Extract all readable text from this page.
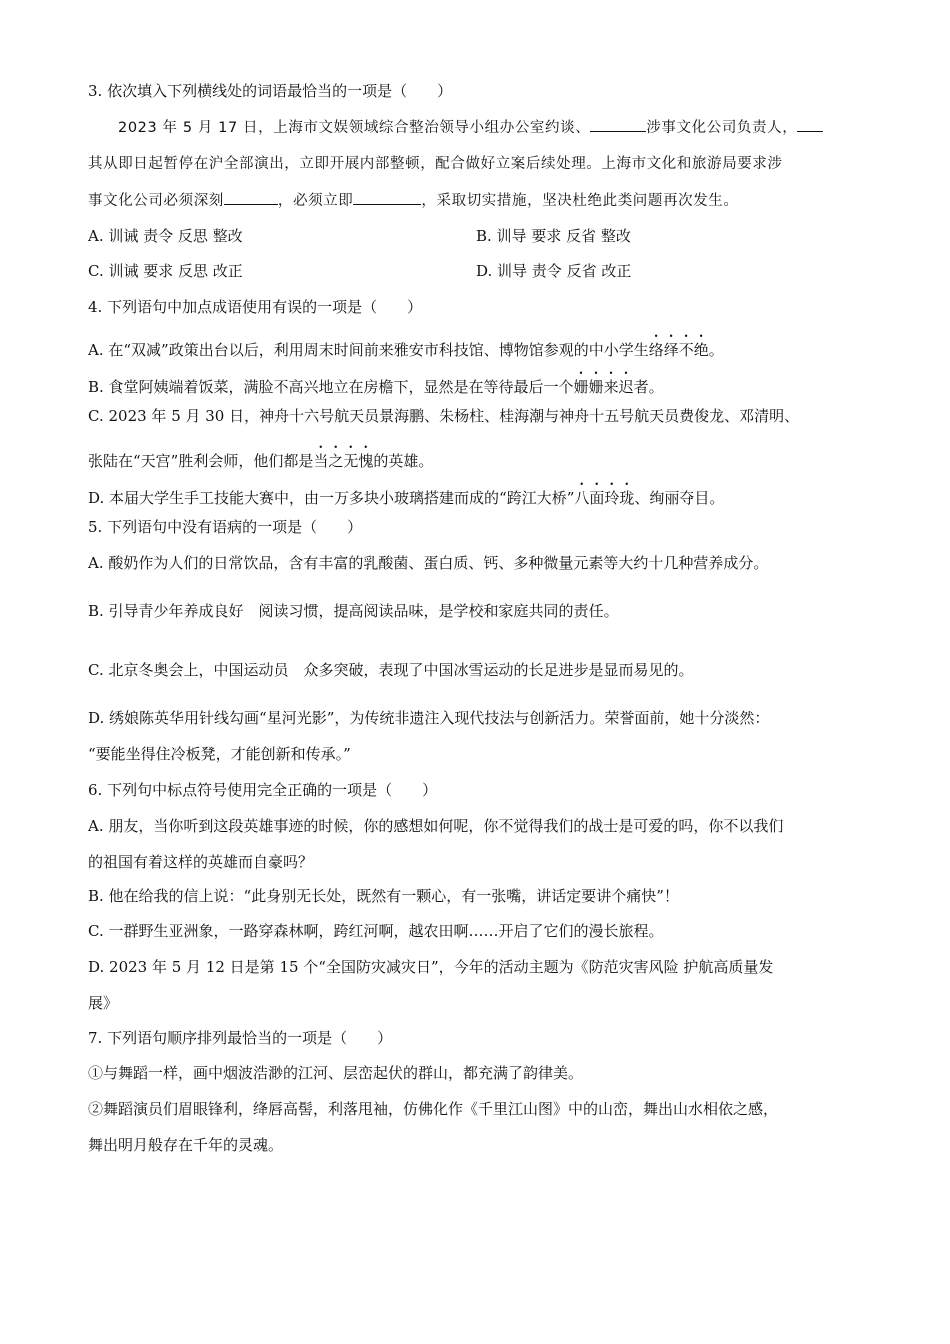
3. 依次填入下列横线处的词语最恰当的一项是（　　）

2023 年 5 月 17 日，上海市文娱领域综合整治领导小组办公室约谈、	涉事文化公司负责人，

其从即日起暂停在沪全部演出，立即开展内部整顿，配合做好立案后续处理。上海市文化和旅游局要求涉

事文化公司必须深刻	，必须立即	，采取切实措施，坚决杜绝此类问题再次发生。

A. 训诫 责令 反思 整改	B. 训导 要求 反省 整改

C. 训诫 要求 反思 改正	D. 训导 责令 反省 改正

4. 下列语句中加点成语使用有误的一项是（　　）

A. 在“双减”政策出台以后，利用周末时间前来雅安市科技馆、博物馆参观的中小学生络绎不绝。

B. 食堂阿姨端着饭菜，满脸不高兴地立在房檐下，显然是在等待最后一个姗姗来迟者。

C. 2023 年 5 月 30 日，神舟十六号航天员景海鹏、朱杨柱、桂海潮与神舟十五号航天员费俊龙、邓清明、

张陆在“天宫”胜利会师，他们都是当之无愧的英雄。

D. 本届大学生手工技能大赛中，由一万多块小玻璃搭建而成的“跨江大桥”八面玲珑、绚丽夺目。

5. 下列语句中没有语病的一项是（　　）

A. 酸奶作为人们的日常饮品，含有丰富的乳酸菌、蛋白质、钙、多种微量元素等大约十几种营养成分。

B. 引导青少年养成良好　阅读习惯，提高阅读品味，是学校和家庭共同的责任。

C. 北京冬奥会上，中国运动员　众多突破，表现了中国冰雪运动的长足进步是显而易见的。

D. 绣娘陈英华用针线勾画“星河光影”，为传统非遗注入现代技法与创新活力。荣誉面前，她十分淡然：

“要能坐得住冷板凳，才能创新和传承。”

6. 下列句中标点符号使用完全正确的一项是（　　）

A. 朋友，当你听到这段英雄事迹的时候，你的感想如何呢，你不觉得我们的战士是可爱的吗，你不以我们

的祖国有着这样的英雄而自豪吗？

B. 他在给我的信上说：“此身别无长处，既然有一颗心，有一张嘴，讲话定要讲个痛快”！

C. 一群野生亚洲象，一路穿森林啊，跨红河啊，越农田啊……开启了它们的漫长旅程。

D. 2023 年 5 月 12 日是第 15 个“全国防灾减灾日”，今年的活动主题为《防范灾害风险 护航高质量发

展》

7. 下列语句顺序排列最恰当的一项是（　　）

①与舞蹈一样，画中烟波浩渺的江河、层峦起伏的群山，都充满了韵律美。

②舞蹈演员们眉眼锋利，绛唇高髻，利落甩袖，仿佛化作《千里江山图》中的山峦，舞出山水相依之感，

舞出明月般存在千年的灵魂。
